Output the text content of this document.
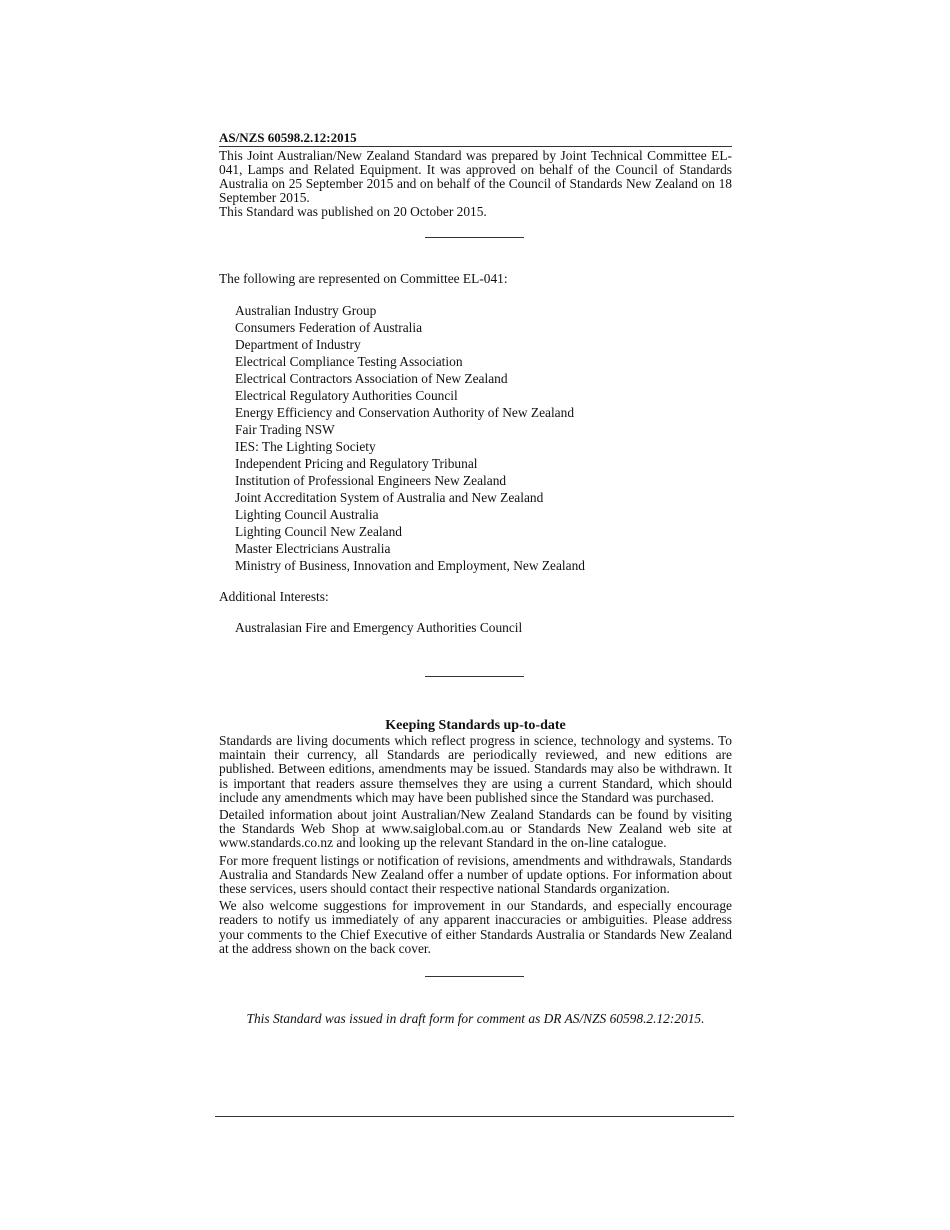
AS/NZS 60598.2.12:2015

This Joint Australian/New Zealand Standard was prepared by Joint Technical Committee EL-041, Lamps and Related Equipment. It was approved on behalf of the Council of Standards Australia on 25 September 2015 and on behalf of the Council of Standards New Zealand on 18 September 2015.

This Standard was published on 20 October 2015.

The following are represented on Committee EL-041:
Australian Industry Group
Consumers Federation of Australia
Department of Industry
Electrical Compliance Testing Association
Electrical Contractors Association of New Zealand
Electrical Regulatory Authorities Council
Energy Efficiency and Conservation Authority of New Zealand
Fair Trading NSW
IES: The Lighting Society
Independent Pricing and Regulatory Tribunal
Institution of Professional Engineers New Zealand
Joint Accreditation System of Australia and New Zealand
Lighting Council Australia
Lighting Council New Zealand
Master Electricians Australia
Ministry of Business, Innovation and Employment, New Zealand
Additional Interests:
Australasian Fire and Emergency Authorities Council
Keeping Standards up-to-date

Standards are living documents which reflect progress in science, technology and systems. To maintain their currency, all Standards are periodically reviewed, and new editions are published. Between editions, amendments may be issued. Standards may also be withdrawn. It is important that readers assure themselves they are using a current Standard, which should include any amendments which may have been published since the Standard was purchased.

Detailed information about joint Australian/New Zealand Standards can be found by visiting the Standards Web Shop at www.saiglobal.com.au or Standards New Zealand web site at www.standards.co.nz and looking up the relevant Standard in the on-line catalogue.

For more frequent listings or notification of revisions, amendments and withdrawals, Standards Australia and Standards New Zealand offer a number of update options. For information about these services, users should contact their respective national Standards organization.

We also welcome suggestions for improvement in our Standards, and especially encourage readers to notify us immediately of any apparent inaccuracies or ambiguities. Please address your comments to the Chief Executive of either Standards Australia or Standards New Zealand at the address shown on the back cover.

This Standard was issued in draft form for comment as DR AS/NZS 60598.2.12:2015.
